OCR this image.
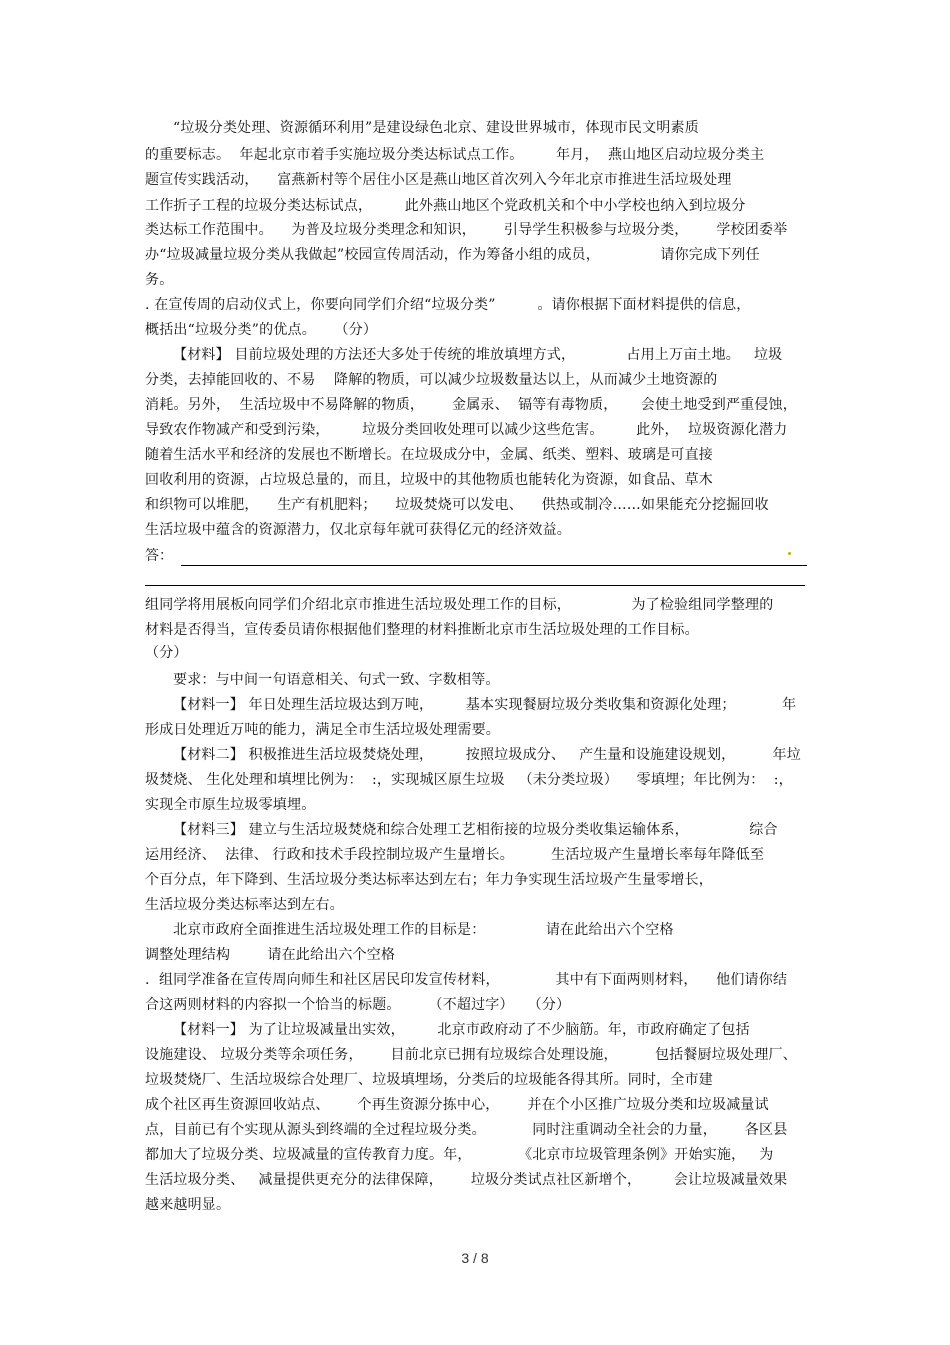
“垃圾分类处理、资源循环利用”是建设绿色北京、建设世界城市，体现市民文明素质
的重要标志。  年起北京市着手实施垃圾分类达标试点工作。       年月，  燕山地区启动垃圾分类主
题宣传实践活动，    富燕新村等个居住小区是燕山地区首次列入今年北京市推进生活垃圾处理
工作折子工程的垃圾分类达标试点，       此外燕山地区个党政机关和个中小学校也纳入到垃圾分
类达标工作范围中。    为普及垃圾分类理念和知识，      引导学生积极参与垃圾分类，      学校团委举
办“垃圾减量垃圾分类从我做起”校园宣传周活动，作为筹备小组的成员，             请你完成下列任
务。
. 在宣传周的启动仪式上，你要向同学们介绍“垃圾分类”         。请你根据下面材料提供的信息，
概括出“垃圾分类”的优点。    （分）
【材料】 目前垃圾处理的方法还大多处于传统的堆放填埋方式，           占用上万亩土地。   垃圾
分类，去掉能回收的、不易    降解的物质，可以减少垃圾数量达以上，从而减少土地资源的
消耗。另外，  生活垃圾中不易降解的物质，      金属汞、  镉等有毒物质，     会使土地受到严重侵蚀，
导致农作物减产和受到污染，       垃圾分类回收处理可以减少这些危害。       此外，  垃圾资源化潜力
随着生活水平和经济的发展也不断增长。在垃圾成分中，金属、纸类、塑料、玻璃是可直接
回收利用的资源，占垃圾总量的，而且，垃圾中的其他物质也能转化为资源，如食品、草木
和织物可以堆肥，    生产有机肥料；    垃圾焚烧可以发电、    供热或制冷……如果能充分挖掘回收
生活垃圾中蕴含的资源潜力，仅北京每年就可获得亿元的经济效益。
答：
组同学将用展板向同学们介绍北京市推进生活垃圾处理工作的目标，             为了检验组同学整理的
材料是否得当，宣传委员请你根据他们整理的材料推断北京市生活垃圾处理的工作目标。
（分）
要求：与中间一句语意相关、句式一致、字数相等。
【材料一】 年日处理生活垃圾达到万吨，       基本实现餐厨垃圾分类收集和资源化处理；          年
形成日处理近万吨的能力，满足全市生活垃圾处理需要。
【材料二】 积极推进生活垃圾焚烧处理，       按照垃圾成分、   产生量和设施建设规划，        年垃
圾焚烧、 生化处理和填埋比例为：  :，实现城区原生垃圾   （未分类垃圾）    零填埋；年比例为：  :，
实现全市原生垃圾零填埋。
【材料三】 建立与生活垃圾焚烧和综合处理工艺相衔接的垃圾分类收集运输体系，             综合
运用经济、  法律、 行政和技术手段控制垃圾产生量增长。        生活垃圾产生量增长率每年降低至
个百分点，年下降到、生活垃圾分类达标率达到左右；年力争实现生活垃圾产生量零增长，
生活垃圾分类达标率达到左右。
北京市政府全面推进生活垃圾处理工作的目标是：             请在此给出六个空格
调整处理结构        请在此给出六个空格
.  组同学准备在宣传周向师生和社区居民印发宣传材料，            其中有下面两则材料，    他们请你结
合这两则材料的内容拟一个恰当的标题。      （不超过字）   （分）
【材料一】 为了让垃圾减量出实效，       北京市政府动了不少脑筋。年，市政府确定了包括
设施建设、 垃圾分类等余项任务，      目前北京已拥有垃圾综合处理设施，        包括餐厨垃圾处理厂、
垃圾焚烧厂、生活垃圾综合处理厂、垃圾填埋场，分类后的垃圾能各得其所。同时，全市建
成个社区再生资源回收站点、      个再生资源分拣中心，      并在个小区推广垃圾分类和垃圾减量试
点，目前已有个实现从源头到终端的全过程垃圾分类。          同时注重调动全社会的力量，      各区县
都加大了垃圾分类、垃圾减量的宣传教育力度。年，          《北京市垃圾管理条例》开始实施，   为
生活垃圾分类、   减量提供更充分的法律保障，      垃圾分类试点社区新增个，       会让垃圾减量效果
越来越明显。
3 / 8
